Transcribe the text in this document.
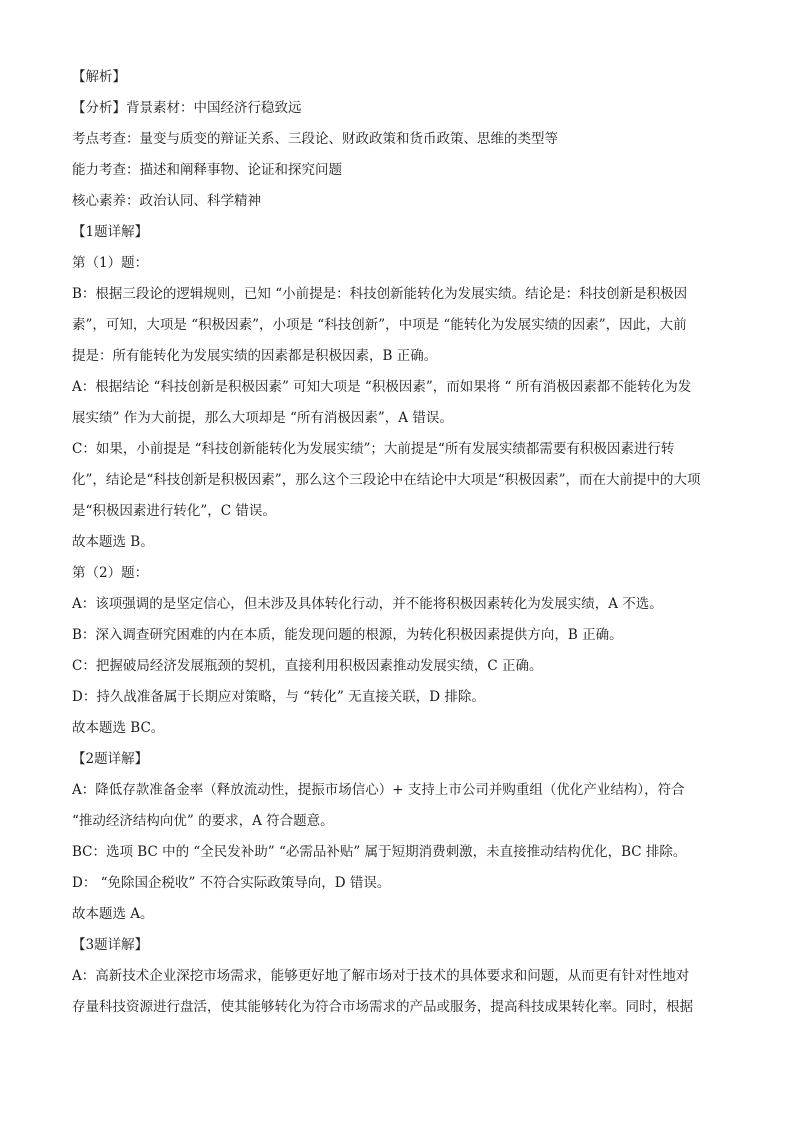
【解析】
【分析】背景素材：中国经济行稳致远
考点考查：量变与质变的辩证关系、三段论、财政政策和货币政策、思维的类型等
能力考查：描述和阐释事物、论证和探究问题
核心素养：政治认同、科学精神
【1题详解】
第（1）题：
B：根据三段论的逻辑规则，已知 “小前提是：科技创新能转化为发展实绩。结论是：科技创新是积极因
素”，可知，大项是 “积极因素”，小项是 “科技创新”，中项是 “能转化为发展实绩的因素”，因此，大前
提是：所有能转化为发展实绩的因素都是积极因素，B 正确。
A：根据结论 “科技创新是积极因素” 可知大项是 “积极因素”，而如果将 “ 所有消极因素都不能转化为发
展实绩” 作为大前提，那么大项却是 “所有消极因素”，A 错误。
C：如果，小前提是 “科技创新能转化为发展实绩”；大前提是“所有发展实绩都需要有积极因素进行转
化”，结论是“科技创新是积极因素”，那么这个三段论中在结论中大项是“积极因素”，而在大前提中的大项
是“积极因素进行转化”，C 错误。
故本题选 B。
第（2）题：
A：该项强调的是坚定信心，但未涉及具体转化行动，并不能将积极因素转化为发展实绩，A 不选。
B：深入调查研究困难的内在本质，能发现问题的根源，为转化积极因素提供方向，B 正确。
C：把握破局经济发展瓶颈的契机，直接利用积极因素推动发展实绩，C 正确。
D：持久战准备属于长期应对策略，与 “转化” 无直接关联，D 排除。
故本题选 BC。
【2题详解】
A：降低存款准备金率（释放流动性，提振市场信心）+ 支持上市公司并购重组（优化产业结构），符合
“推动经济结构向优” 的要求，A 符合题意。
BC：选项 BC 中的 “全民发补助” “必需品补贴” 属于短期消费刺激，未直接推动结构优化，BC 排除。
D： “免除国企税收” 不符合实际政策导向，D 错误。
故本题选 A。
【3题详解】
A：高新技术企业深挖市场需求，能够更好地了解市场对于技术的具体要求和问题，从而更有针对性地对
存量科技资源进行盘活，使其能够转化为符合市场需求的产品或服务，提高科技成果转化率。同时，根据
